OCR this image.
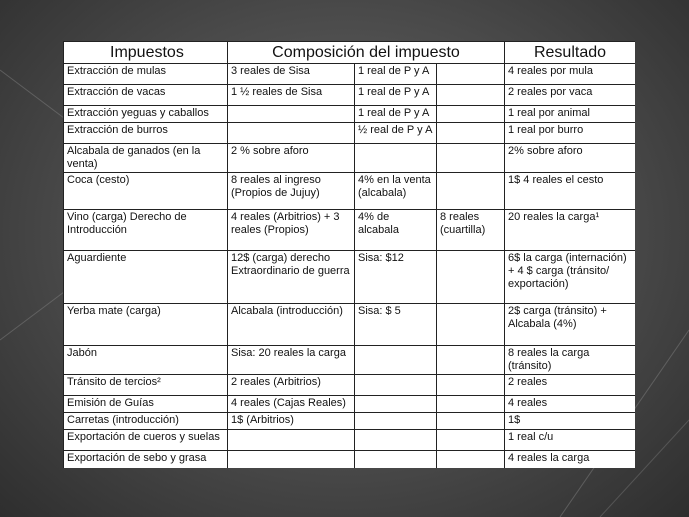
Impuestos	Composición del impuesto			Resultado
Extracción de mulas	3 reales de Sisa	1 real de P y A		4 reales por mula
Extracción de vacas	1 ½ reales de Sisa	1 real de P y A		2 reales por vaca
Extracción yeguas y caballos		1 real de P y A		1 real por animal
Extracción de burros		½ real de P y A		1 real por burro
Alcabala de ganados (en la venta)	2 % sobre aforo			2% sobre aforo
Coca (cesto)	8 reales al ingreso (Propios de Jujuy)	4% en la venta (alcabala)		1$ 4 reales el cesto
Vino (carga) Derecho de Introducción	4 reales (Arbitrios) + 3 reales (Propios)	4% de alcabala	8 reales (cuartilla)	20 reales la carga¹
Aguardiente	12$ (carga) derecho Extraordinario de guerra	Sisa: $12		6$ la carga (internación) + 4 $ carga (tránsito/ exportación)
Yerba mate (carga)	Alcabala (introducción)	Sisa: $ 5		2$ carga (tránsito) + Alcabala (4%)
Jabón	Sisa: 20 reales la carga			8 reales la carga (tránsito)
Tránsito de tercios²	2 reales (Arbitrios)			2 reales
Emisión de Guías	4 reales (Cajas Reales)			4 reales
Carretas (introducción)	1$ (Arbitrios)			1$
Exportación de cueros y suelas				1 real c/u
Exportación de sebo y grasa				4 reales la carga
